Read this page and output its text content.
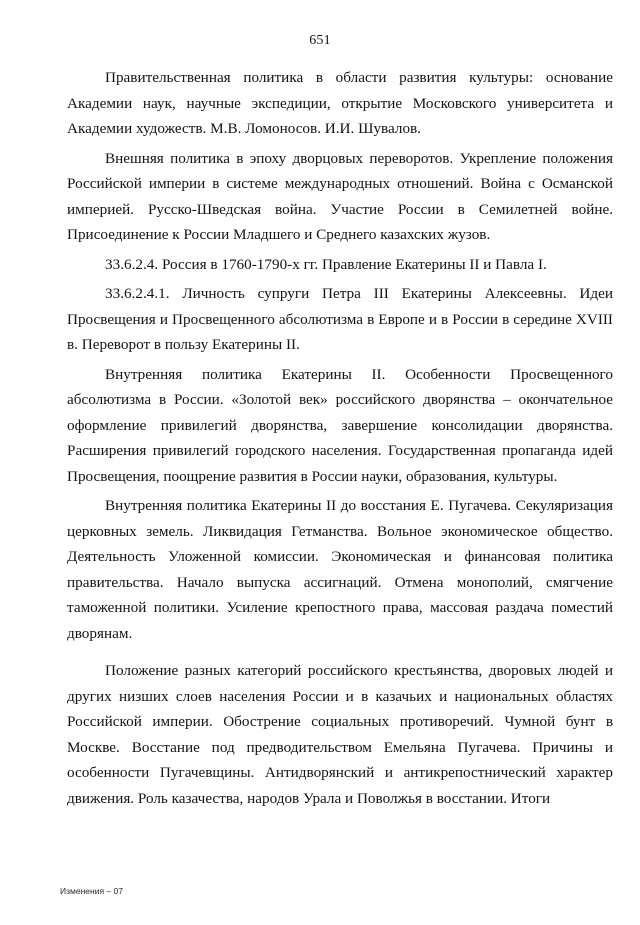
651

Правительственная политика в области развития культуры: основание Академии наук, научные экспедиции, открытие Московского университета и Академии художеств. М.В. Ломоносов. И.И. Шувалов.

Внешняя политика в эпоху дворцовых переворотов. Укрепление положения Российской империи в системе международных отношений. Война с Османской империей. Русско-Шведская война. Участие России в Семилетней войне. Присоединение к России Младшего и Среднего казахских жузов.

33.6.2.4. Россия в 1760-1790-х гг. Правление Екатерины II и Павла I.

33.6.2.4.1. Личность супруги Петра III Екатерины Алексеевны. Идеи Просвещения и Просвещенного абсолютизма в Европе и в России в середине XVIII в. Переворот в пользу Екатерины II.

Внутренняя политика Екатерины II. Особенности Просвещенного абсолютизма в России. «Золотой век» российского дворянства – окончательное оформление привилегий дворянства, завершение консолидации дворянства. Расширения привилегий городского населения. Государственная пропаганда идей Просвещения, поощрение развития в России науки, образования, культуры.

Внутренняя политика Екатерины II до восстания Е. Пугачева. Секуляризация церковных земель. Ликвидация Гетманства. Вольное экономическое общество. Деятельность Уложенной комиссии. Экономическая и финансовая политика правительства. Начало выпуска ассигнаций. Отмена монополий, смягчение таможенной политики. Усиление крепостного права, массовая раздача поместий дворянам.

Положение разных категорий российского крестьянства, дворовых людей и других низших слоев населения России и в казачьих и национальных областях Российской империи. Обострение социальных противоречий. Чумной бунт в Москве. Восстание под предводительством Емельяна Пугачева. Причины и особенности Пугачевщины. Антидворянский и антикрепостнический характер движения. Роль казачества, народов Урала и Поволжья в восстании. Итоги

Изменения – 07
